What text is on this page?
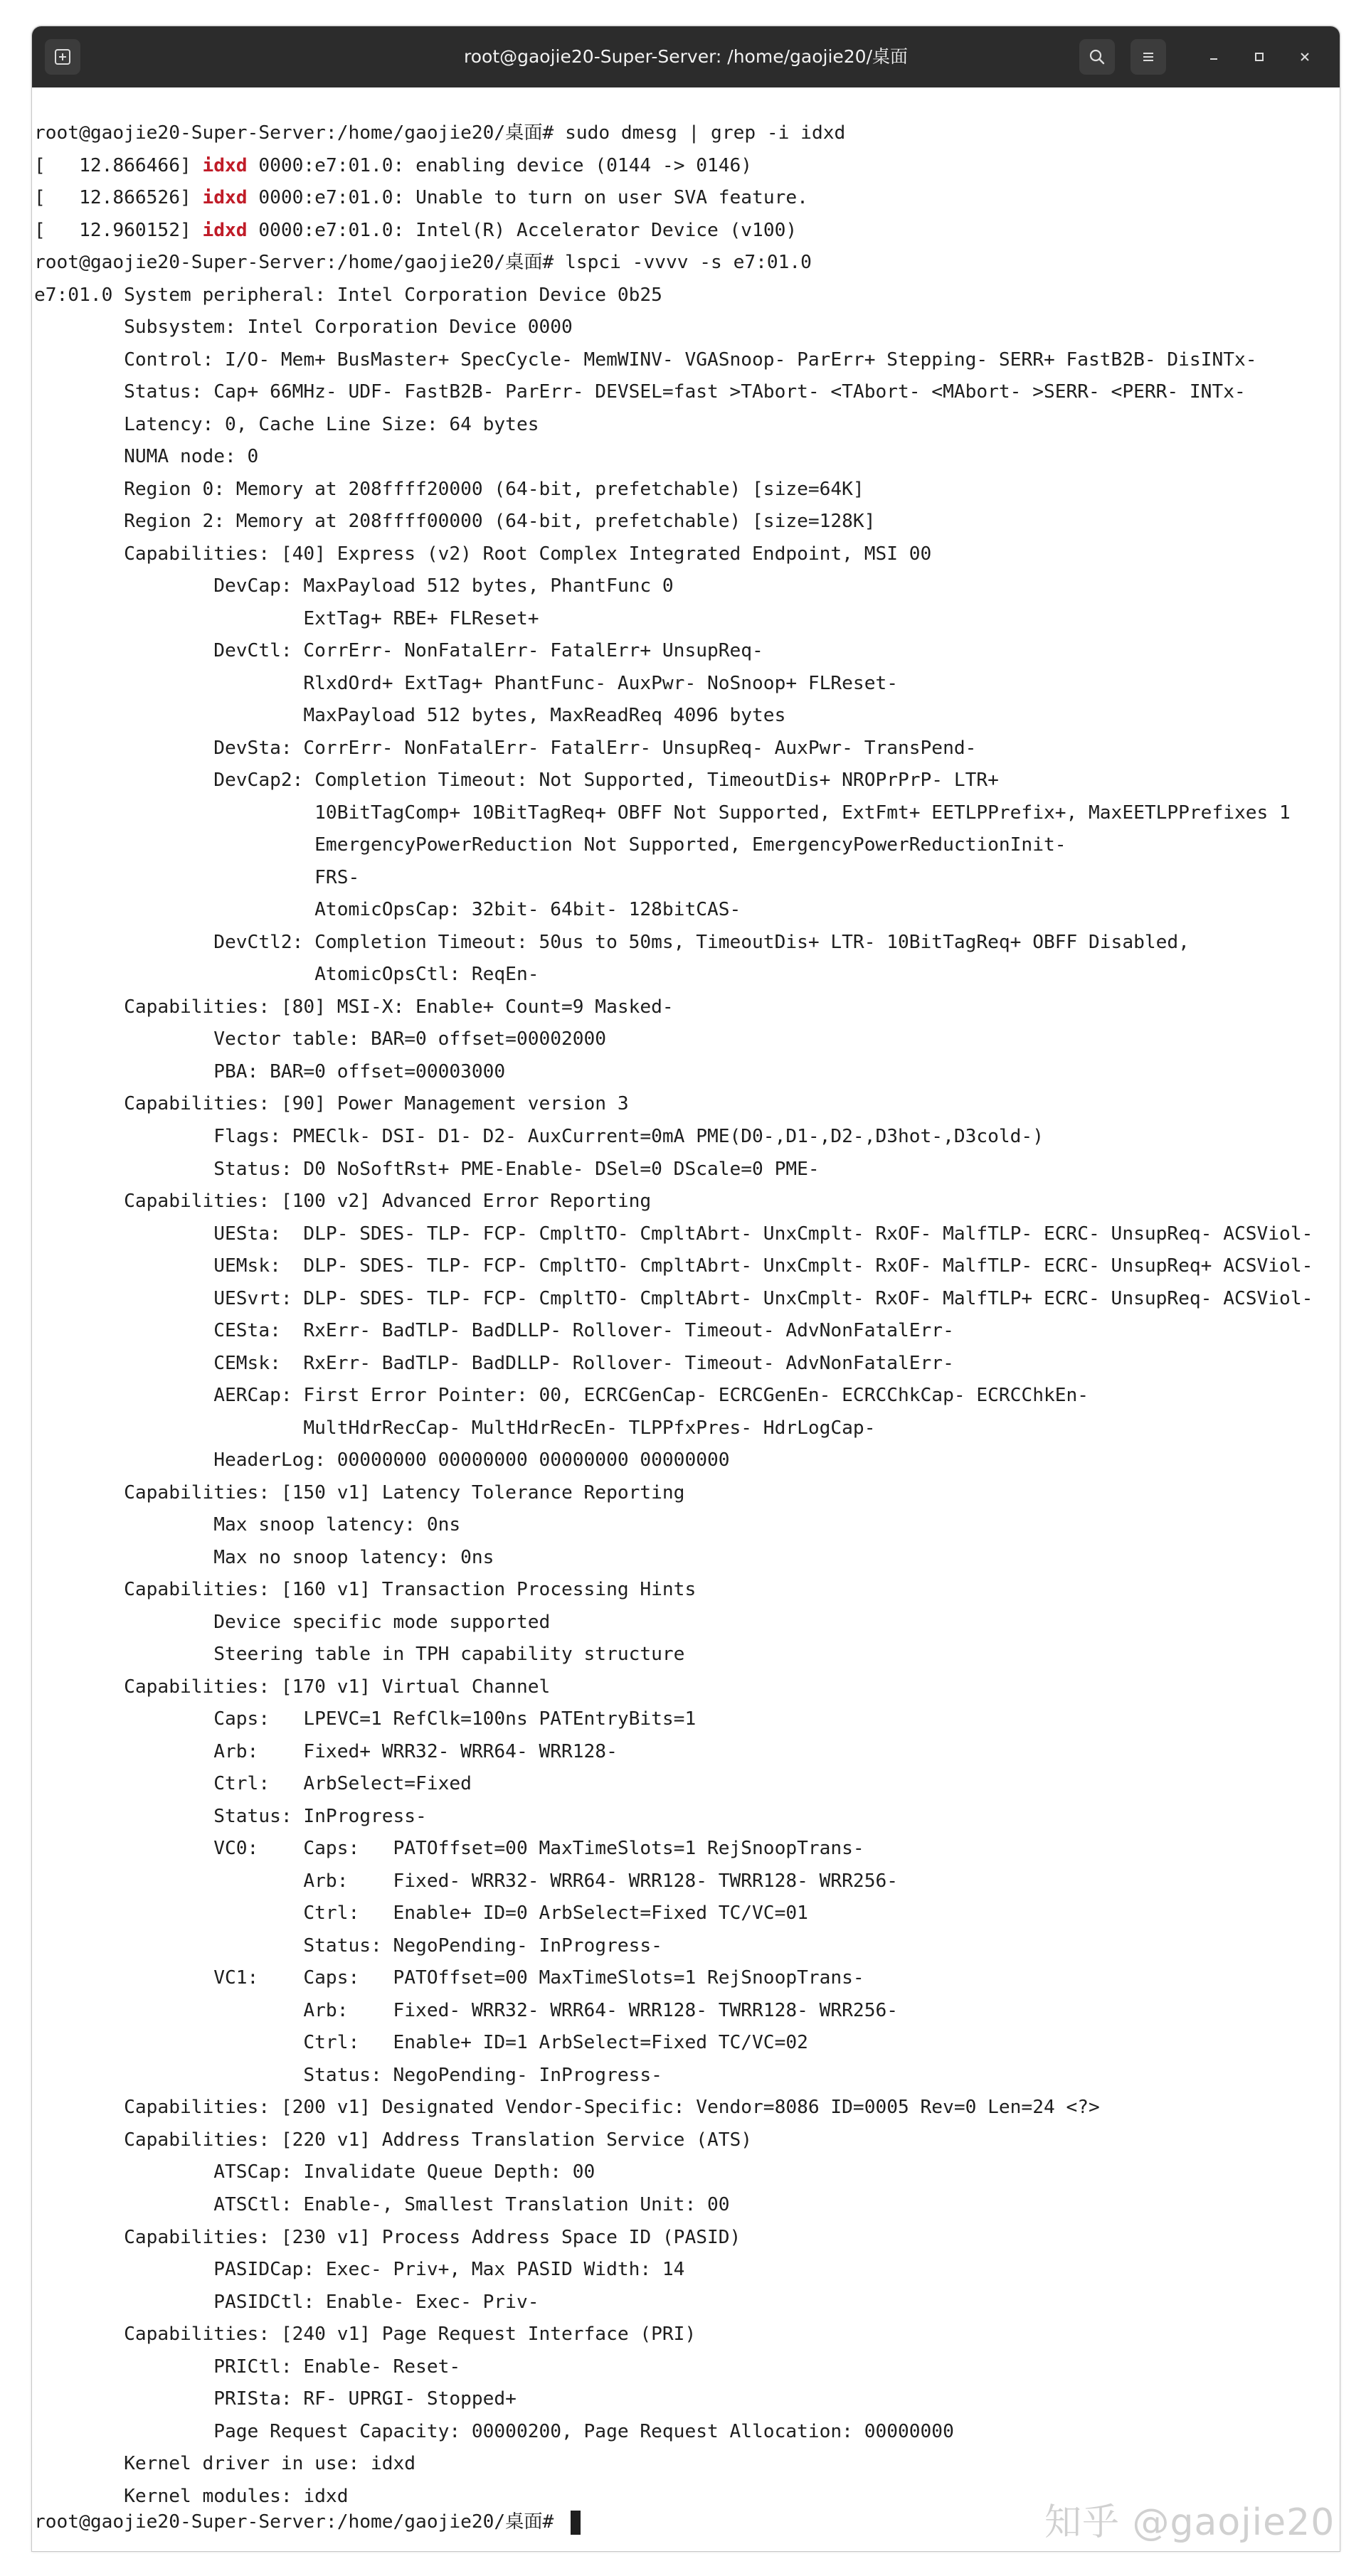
root@gaojie20-Super-Server: /home/gaojie20/桌面
root@gaojie20-Super-Server:/home/gaojie20/桌面# sudo dmesg | grep -i idxd
[   12.866466] idxd 0000:e7:01.0: enabling device (0144 -> 0146)
[   12.866526] idxd 0000:e7:01.0: Unable to turn on user SVA feature.
[   12.960152] idxd 0000:e7:01.0: Intel(R) Accelerator Device (v100)
root@gaojie20-Super-Server:/home/gaojie20/桌面# lspci -vvvv -s e7:01.0
e7:01.0 System peripheral: Intel Corporation Device 0b25
Subsystem: Intel Corporation Device 0000
Control: I/O- Mem+ BusMaster+ SpecCycle- MemWINV- VGASnoop- ParErr+ Stepping- SERR+ FastB2B- DisINTx-
Status: Cap+ 66MHz- UDF- FastB2B- ParErr- DEVSEL=fast >TAbort- <TAbort- <MAbort- >SERR- <PERR- INTx-
Latency: 0, Cache Line Size: 64 bytes
NUMA node: 0
Region 0: Memory at 208ffff20000 (64-bit, prefetchable) [size=64K]
Region 2: Memory at 208ffff00000 (64-bit, prefetchable) [size=128K]
Capabilities: [40] Express (v2) Root Complex Integrated Endpoint, MSI 00
DevCap: MaxPayload 512 bytes, PhantFunc 0
ExtTag+ RBE+ FLReset+
DevCtl: CorrErr- NonFatalErr- FatalErr+ UnsupReq-
RlxdOrd+ ExtTag+ PhantFunc- AuxPwr- NoSnoop+ FLReset-
MaxPayload 512 bytes, MaxReadReq 4096 bytes
DevSta: CorrErr- NonFatalErr- FatalErr- UnsupReq- AuxPwr- TransPend-
DevCap2: Completion Timeout: Not Supported, TimeoutDis+ NROPrPrP- LTR+
10BitTagComp+ 10BitTagReq+ OBFF Not Supported, ExtFmt+ EETLPPrefix+, MaxEETLPPrefixes 1
EmergencyPowerReduction Not Supported, EmergencyPowerReductionInit-
FRS-
AtomicOpsCap: 32bit- 64bit- 128bitCAS-
DevCtl2: Completion Timeout: 50us to 50ms, TimeoutDis+ LTR- 10BitTagReq+ OBFF Disabled,
AtomicOpsCtl: ReqEn-
Capabilities: [80] MSI-X: Enable+ Count=9 Masked-
Vector table: BAR=0 offset=00002000
PBA: BAR=0 offset=00003000
Capabilities: [90] Power Management version 3
Flags: PMEClk- DSI- D1- D2- AuxCurrent=0mA PME(D0-,D1-,D2-,D3hot-,D3cold-)
Status: D0 NoSoftRst+ PME-Enable- DSel=0 DScale=0 PME-
Capabilities: [100 v2] Advanced Error Reporting
UESta:  DLP- SDES- TLP- FCP- CmpltTO- CmpltAbrt- UnxCmplt- RxOF- MalfTLP- ECRC- UnsupReq- ACSViol-
UEMsk:  DLP- SDES- TLP- FCP- CmpltTO- CmpltAbrt- UnxCmplt- RxOF- MalfTLP- ECRC- UnsupReq+ ACSViol-
UESvrt: DLP- SDES- TLP- FCP- CmpltTO- CmpltAbrt- UnxCmplt- RxOF- MalfTLP+ ECRC- UnsupReq- ACSViol-
CESta:  RxErr- BadTLP- BadDLLP- Rollover- Timeout- AdvNonFatalErr-
CEMsk:  RxErr- BadTLP- BadDLLP- Rollover- Timeout- AdvNonFatalErr-
AERCap: First Error Pointer: 00, ECRCGenCap- ECRCGenEn- ECRCChkCap- ECRCChkEn-
MultHdrRecCap- MultHdrRecEn- TLPPfxPres- HdrLogCap-
HeaderLog: 00000000 00000000 00000000 00000000
Capabilities: [150 v1] Latency Tolerance Reporting
Max snoop latency: 0ns
Max no snoop latency: 0ns
Capabilities: [160 v1] Transaction Processing Hints
Device specific mode supported
Steering table in TPH capability structure
Capabilities: [170 v1] Virtual Channel
Caps:   LPEVC=1 RefClk=100ns PATEntryBits=1
Arb:    Fixed+ WRR32- WRR64- WRR128-
Ctrl:   ArbSelect=Fixed
Status: InProgress-
VC0:    Caps:   PATOffset=00 MaxTimeSlots=1 RejSnoopTrans-
Arb:    Fixed- WRR32- WRR64- WRR128- TWRR128- WRR256-
Ctrl:   Enable+ ID=0 ArbSelect=Fixed TC/VC=01
Status: NegoPending- InProgress-
VC1:    Caps:   PATOffset=00 MaxTimeSlots=1 RejSnoopTrans-
Arb:    Fixed- WRR32- WRR64- WRR128- TWRR128- WRR256-
Ctrl:   Enable+ ID=1 ArbSelect=Fixed TC/VC=02
Status: NegoPending- InProgress-
Capabilities: [200 v1] Designated Vendor-Specific: Vendor=8086 ID=0005 Rev=0 Len=24 <?>
Capabilities: [220 v1] Address Translation Service (ATS)
ATSCap: Invalidate Queue Depth: 00
ATSCtl: Enable-, Smallest Translation Unit: 00
Capabilities: [230 v1] Process Address Space ID (PASID)
PASIDCap: Exec- Priv+, Max PASID Width: 14
PASIDCtl: Enable- Exec- Priv-
Capabilities: [240 v1] Page Request Interface (PRI)
PRICtl: Enable- Reset-
PRISta: RF- UPRGI- Stopped+
Page Request Capacity: 00000200, Page Request Allocation: 00000000
Kernel driver in use: idxd
Kernel modules: idxd
root@gaojie20-Super-Server:/home/gaojie20/桌面#	知乎 @gaojie20
